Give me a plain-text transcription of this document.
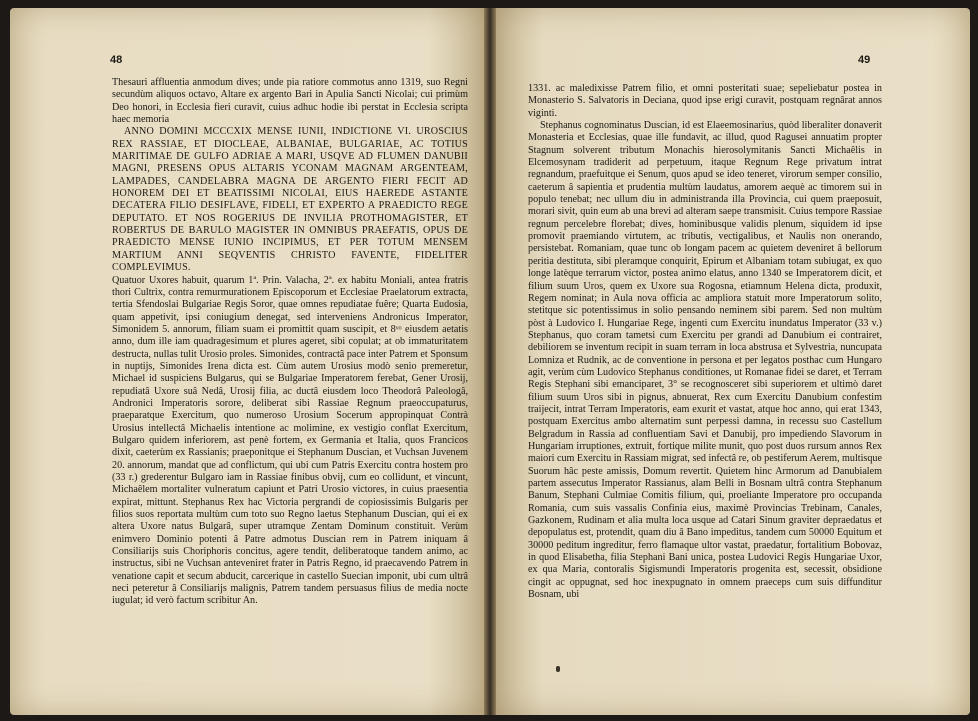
48

Thesauri affluentia anmodum dives; unde pia ratiore commotus anno 1319, suo Regni secundùm aliquos octavo, Altare ex argento Bari in Apulia Sancti Nicolai; cui primùm Deo honori, in Ecclesia fieri curavit, cuius adhuc hodie ibi perstat in Ecclesia scripta haec memoria

ANNO DOMINI MCCCXIX MENSE IUNII, INDICTIONE VI. UROSCIUS REX RASSIAE, ET DIOCLEAE, ALBANIAE, BULGARIAE, AC TOTIUS MARITIMAE DE GULFO ADRIAE A MARI, USQVE AD FLUMEN DANUBII MAGNI, PRESENS OPUS ALTARIS YCONAM MAGNAM ARGENTEAM, LAMPADES, CANDELABRA MAGNA DE ARGENTO FIERI FECIT AD HONOREM DEI ET BEATISSIMI NICOLAI, EIUS HAEREDE ASTANTE DECATERA FILIO DESIFLAVE, FIDELI, ET EXPERTO A PRAEDICTO REGE DEPUTATO. ET NOS ROGERIUS DE INVILIA PROTHOMAGISTER, ET ROBERTUS DE BARULO MAGISTER IN OMNIBUS PRAEFATIS, OPUS DE PRAEDICTO MENSE IUNIO INCIPIMUS, ET PER TOTUM MENSEM MARTIUM ANNI SEQVENTIS CHRISTO FAVENTE, FIDELITER COMPLEVIMUS.

Quatuor Uxores habuit, quarum 1ª. Prin. Valacha, 2ª. ex habitu Moniali, antea fratris thori Cultrix, contra remurmurationem Episcoporum et Ecclesiae Praelatorum extracta, tertia Sfendoslai Bulgariae Regis Soror, quae omnes repudiatae fuêre; Quarta Eudosia, quam appetivit, ipsi coniugium denegat, sed interveniens Andronicus Imperator, Simonidem 5. annorum, filiam suam ei promittit quam suscipit, et 8ᵛᵒ eiusdem aetatis anno, dum ille iam quadragesimum et plures ageret, sibi copulat; at ob immaturitatem destructa, nullas tulit Urosio proles. Simonides, contractâ pace inter Patrem et Sponsum in nuptijs, Simonides Irena dicta est. Cùm autem Urosius modò senio premeretur, Michael id suspiciens Bulgarus, qui se Bulgariae Imperatorem ferebat, Gener Urosij, repudiatâ Uxore suâ Nedâ, Urosij filia, ac ductâ eiusdem loco Theodorâ Paleologâ, Andronici Imperatoris sorore, deliberat sibi Rassiae Regnum praeoccupaturus, praeparatque Exercitum, quo numeroso Urosium Socerum appropinquat Contrà Urosius intellectâ Michaelis intentione ac molimine, ex vestigio conflat Exercitum, Bulgaro quidem inferiorem, ast penè fortem, ex Germania et Italia, quos Francicos dixit, caeterùm ex Rassianis; praeponitque ei Stephanum Duscian, et Vuchsan Juvenem 20. annorum, mandat que ad conflictum, qui ubi cum Patris Exercitu contra hostem pro (33 r.) grederentur Bulgaro iam in Rassiae finibus obvij, cum eo collidunt, et vincunt, Michaêlem mortaliter vulneratum capiunt et Patri Urosio victores, in cuius praesentia expirat, mittunt. Stephanus Rex hac Victoria pergrandi de copiosissimis Bulgaris per filios suos reportata multùm cum toto suo Regno laetus Stephanum Duscian, qui ei ex altera Uxore natus Bulgarâ, super utramque Zentam Dominum constituit. Verùm enimvero Dominio potenti â Patre admotus Duscian rem in Patrem iniquam â Consiliarijs suis Choriphoris concitus, agere tendit, deliberatoque tandem animo, ac instructus, sibi ne Vuchsan anteveniret frater in Patris Regno, id praecavendo Patrem in venatione capit et secum abducit, carcerique in castello Suecian imponit, ubi cum ultrâ neci peteretur â Consiliarijs malignis, Patrem tandem persuasus filius de media nocte iugulat; id verò factum scribitur An.

49

1331. ac maledixisse Patrem filio, et omni posteritati suae; sepeliebatur postea in Monasterio S. Salvatoris in Deciana, quod ipse erigi curavit, postquam regnârat annos viginti.

Stephanus cognominatus Duscian, id est Elaeemosinarius, quòd liberaliter donaverit Monasteria et Ecclesias, quae ille fundavit, ac illud, quod Ragusei annuatim propter Stagnum solverent tributum Monachis hierosolymitanis Sancti Michaêlis in Elcemosynam tradiderit ad perpetuum, itaque Regnum Rege privatum intrat regnandum, praefuitque ei Senum, quos apud se ideo teneret, virorum semper consilio, caeterum â sapientia et prudentia multùm laudatus, amorem aequè ac timorem sui in populo tenebat; nec ullum diu in administranda illa Provincia, cui quem praeposuit, morari sivit, quin eum ab una brevi ad alteram saepe transmisit. Cuius tempore Rassiae regnum percelebre florebat; dives, hominibusque validis plenum, siquidem id ipse promovit praemiando virtutem, ac tributis, vectigalibus, et Naulis non onerando, persistebat. Romaniam, quae tunc ob longam pacem ac quietem deveniret â bellorum peritia destituta, sibi pleramque conquirit, Epirum et Albaniam totam subiugat, ex quo longe latèque terrarum victor, postea animo elatus, anno 1340 se Imperatorem dicit, et filium suum Uros, quem ex Uxore sua Rogosna, etiamnum Helena dicta, produxit, Regem nominat; in Aula nova officia ac ampliora statuit more Imperatorum solito, stetitque sic potentissimus in solio pensando neminem sibi parem. Sed non multùm pòst à Ludovico I. Hungariae Rege, ingenti cum Exercitu inundatus Imperator (33 v.) Stephanus, quo coram tametsi cum Exercitu per grandi ad Danubium ei contrairet, debiliorem se inventum recipit in suam terram in loca abstrusa et Sylvestria, nuncupata Lomniza et Rudnik, ac de conventione in persona et per legatos posthac cum Hungaro agit, verùm cùm Ludovico Stephanus conditiones, ut Romanae fidei se daret, et Terram Regis Stephani sibi emanciparet, 3° se recognosceret sibi superiorem et ultimò daret filium suum Uros sibi in pignus, abnuerat, Rex cum Exercitu Danubium confestim traijecit, intrat Terram Imperatoris, eam exurit et vastat, atque hoc anno, qui erat 1343, postquam Exercitus ambo alternatim sunt perpessi damna, in recessu suo Castellum Belgradum in Rassia ad confluentiam Savi et Danubij, pro impediendo Slavorum in Hungariam irruptiones, extruit, fortique milite munit, quo post duos rursum annos Rex maiori cum Exercitu in Rassiam migrat, sed infectâ re, ob pestiferum Aerem, multisque Suorum hâc peste amissis, Domum revertit. Quietem hinc Armorum ad Danubialem partem assecutus Imperator Rassianus, alam Belli in Bosnam ultrâ contra Stephanum Banum, Stephani Culmiae Comitis filium, qui, proeliante Imperatore pro occupanda Romania, cum suis vassalis Confinia eius, maximè Provincias Trebinam, Canales, Gazkonem, Rudinam et alia multa loca usque ad Catari Sinum graviter depraedatus et depopulatus est, protendit, quam diu â Bano impeditus, tandem cum 50000 Equitum et 30000 peditum ingreditur, ferro flamaque ultor vastat, praedatur, fortalitium Bobovaz, in quod Elisabetha, filia Stephani Bani unica, postea Ludovici Regis Hungariae Uxor, ex qua Maria, contoralis Sigismundi Imperatoris progenita est, secessit, obsidione cingit ac oppugnat, sed hoc inexpugnato in omnem praeceps cum suis diffunditur Bosnam, ubi
